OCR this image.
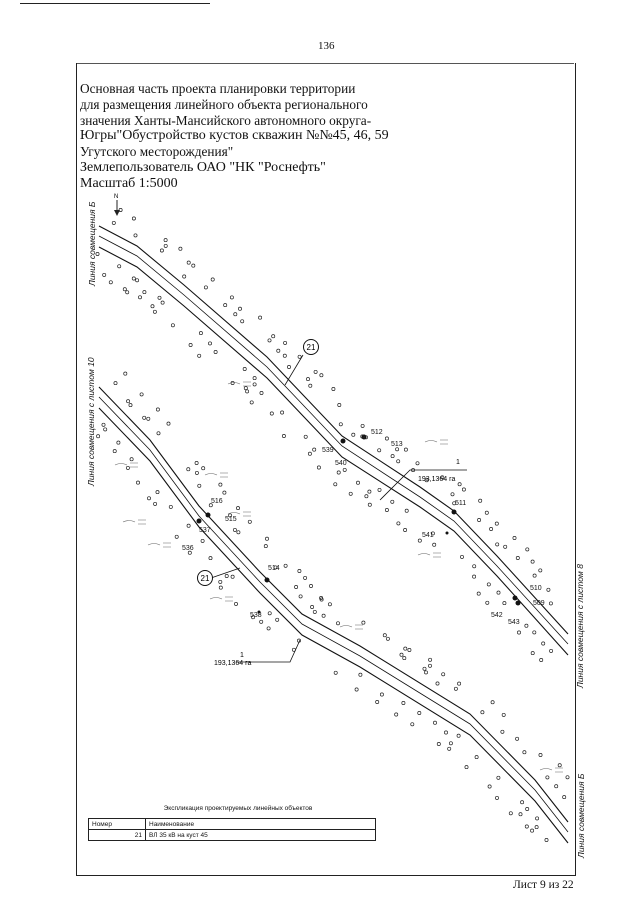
136
Основная часть проекта планировки территории
для размещения линейного объекта регионального
значения Ханты-Мансийского автономного округа-
Югры"Обустройство кустов скважин №№45, 46, 59
Угутского месторождения"
Землепользователь ОАО "НК "Роснефть"
Масштаб 1:5000
N
1
193,1364 га
1
193,1364 га
21
21
512
513
539
540
511
541
510
509
542
543
516
515
537
536
514
538
Линия совмещения Б
Линия совмещения с листом 10
Линия совмещения с листом 8
Линия совмещения Б
Экспликация проектируемых линейных объектов
Номер	Наименование
21	ВЛ 35 кВ на куст 45
Лист 9 из 22
